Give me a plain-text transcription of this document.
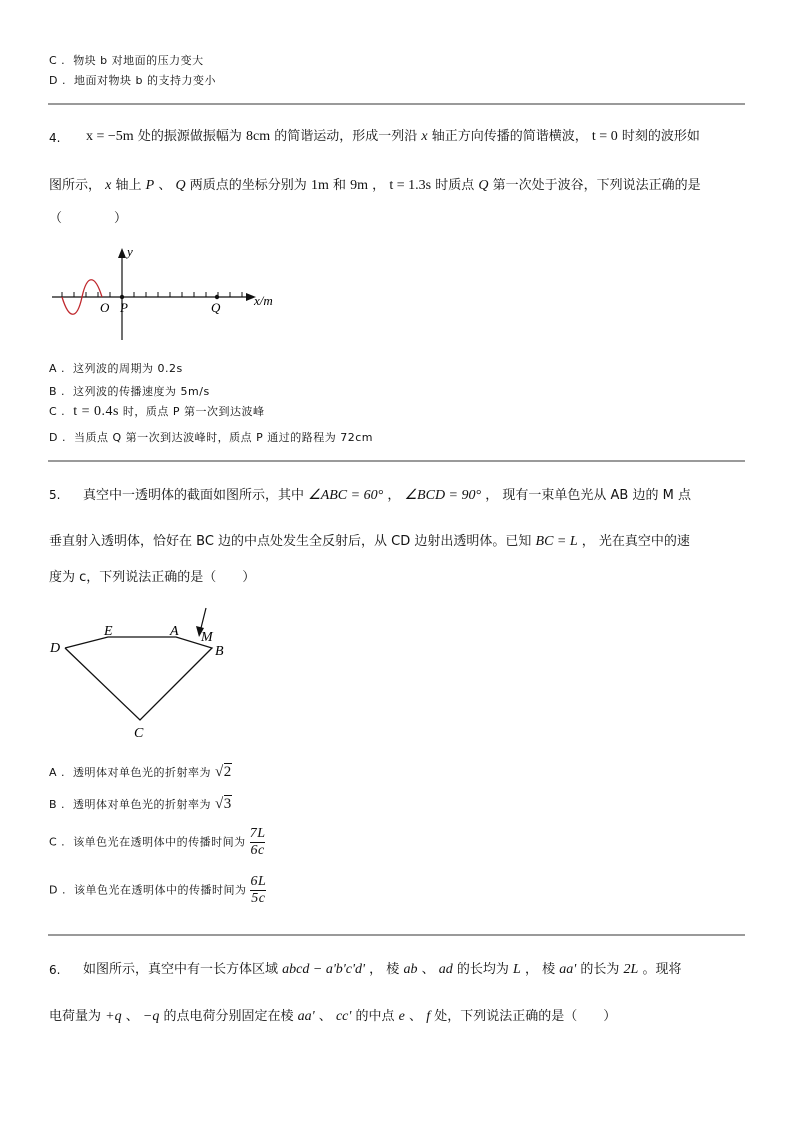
C .  物块 b 对地面的压力变大
D .  地面对物块 b 的支持力变小
4. x = −5m 处的振源做振幅为 8cm 的简谐运动，形成一列沿 x 轴正方向传播的简谐横波， t = 0 时刻的波形如
图所示， x 轴上 P 、 Q 两质点的坐标分别为 1m 和 9m ， t = 1.3s 时质点 Q 第一次处于波谷，下列说法正确的是
（　　　　）
y
x/m
O P	Q
A .  这列波的周期为 0.2s
B .  这列波的传播速度为 5m/s
C .  t = 0.4s 时，质点 P 第一次到达波峰
D .  当质点 Q 第一次到达波峰时，质点 P 通过的路程为 72cm
5. 真空中一透明体的截面如图所示，其中 ∠ABC = 60° ， ∠BCD = 90° ， 现有一束单色光从 AB 边的 M 点
垂直射入透明体，恰好在 BC 边的中点处发生全反射后，从 CD 边射出透明体。已知 BC = L ， 光在真空中的速
度为 c，下列说法正确的是（　　）
D
E	A M
B
C
A .  透明体对单色光的折射率为 √2
B .  透明体对单色光的折射率为 √3
C .  该单色光在透明体中的传播时间为 $\frac{7L}{6c}$
D .  该单色光在透明体中的传播时间为 $\frac{6L}{5c}$
6. 如图所示，真空中有一长方体区域 abcd − a'b'c'd' ， 棱 ab 、 ad 的长均为 L ， 棱 aa' 的长为 2L 。现将
电荷量为 +q 、 −q 的点电荷分别固定在棱 aa' 、 cc' 的中点 e 、 f 处，下列说法正确的是（　　）
